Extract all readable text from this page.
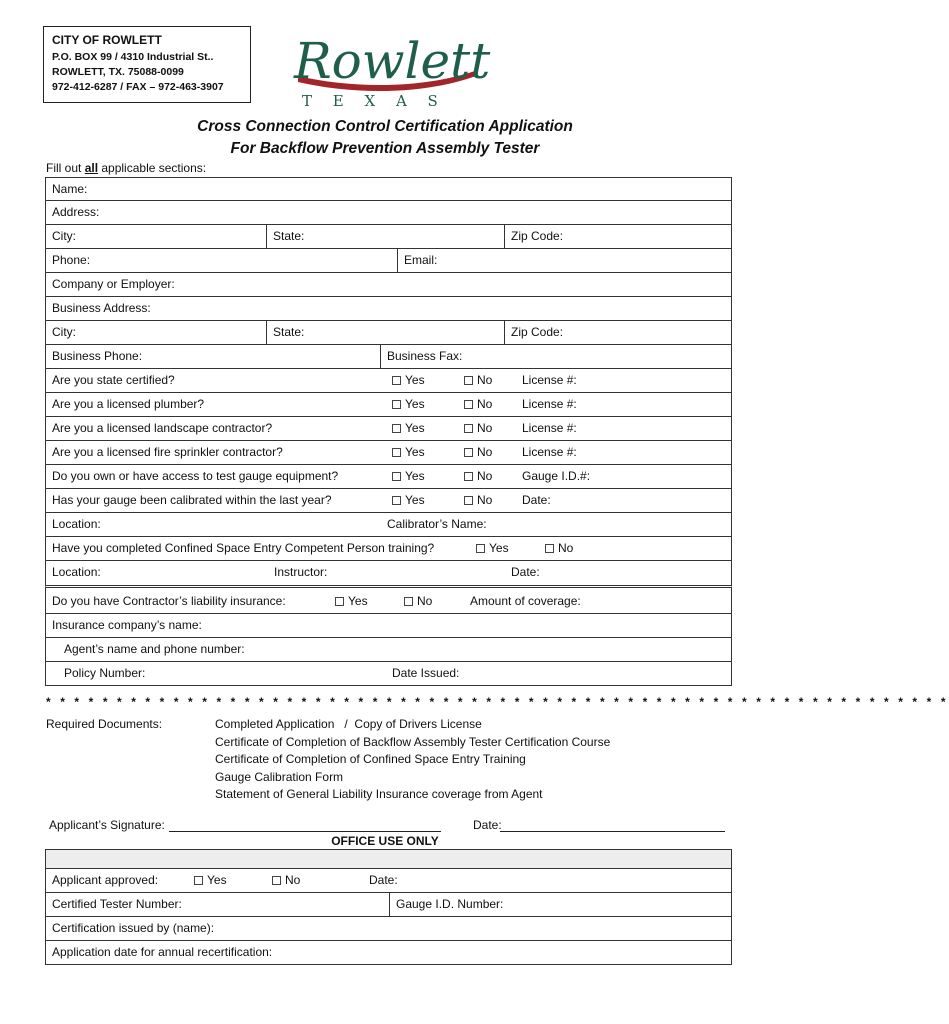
CITY OF ROWLETT
P.O. BOX 99 / 4310 Industrial St..
ROWLETT, TX. 75088-0099
972-412-6287 / FAX – 972-463-3907	Rowlett
T E X A S
Cross Connection Control Certification Application
For Backflow Prevention Assembly Tester
Fill out all applicable sections:
Name:
Address:
City:	State:	Zip Code:
Phone:	Email:
Company or Employer:
Business Address:
City:	State:	Zip Code:
Business Phone:	Business Fax:
Are you state certified?	Yes	No License #:
Are you a licensed plumber?	Yes	No License #:
Are you a licensed landscape contractor?	Yes	No License #:
Are you a licensed fire sprinkler contractor?	Yes	No License #:
Do you own or have access to test gauge equipment?	Yes	No Gauge I.D.#:
Has your gauge been calibrated within the last year?	Yes	No Date:
Location:	Calibrator’s Name:
Have you completed Confined Space Entry Competent Person training?	Yes	No
Location:	Instructor:	Date:
Do you have Contractor’s liability insurance:	Yes	No	Amount of coverage:
Insurance company’s name:
Agent’s name and phone number:
Policy Number:	Date Issued:
* * * * * * * * * * * * * * * * * * * * * * * * * * * * * * * * * * * * * * * * * * * * * * * * * * * * * * * * * * * * * * * *
Required Documents:	Completed Application   /  Copy of Drivers License
Certificate of Completion of Backflow Assembly Tester Certification Course
Certificate of Completion of Confined Space Entry Training
Gauge Calibration Form
Statement of General Liability Insurance coverage from Agent
Applicant’s Signature:	Date:
OFFICE USE ONLY
Applicant approved:	Yes	No	Date:
Certified Tester Number:	Gauge I.D. Number:
Certification issued by (name):
Application date for annual recertification:
